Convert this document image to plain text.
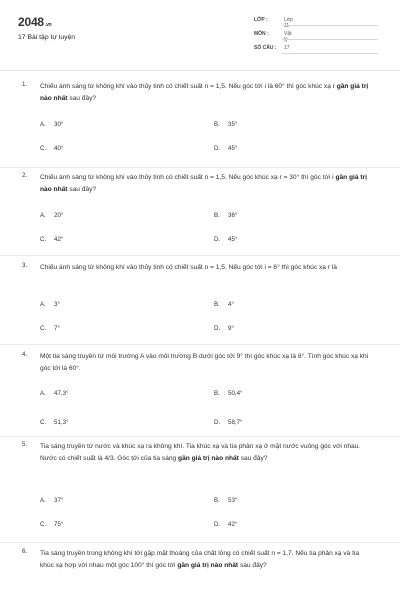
2048.vn
17 Bài tập tự luyện
LỚP :	Lớp 11
MÔN :	Vật lý
SỐ CÂU :	17
1. Chiếu ánh sáng từ không khí vào thủy tinh có chiết suất n = 1,5. Nếu góc tới i là 60° thì góc khúc xạ r gần giá trị nào nhất sau đây?
A. 30°	B. 35°
C. 40°	D. 45°
2. Chiếu ánh sáng từ không khí vào thủy tinh có chiết suất n = 1,5. Nếu góc khúc xạ r = 30° thì góc tới i gần giá trị nào nhất sau đây?
A. 20°	B. 36°
C. 42°	D. 45°
3. Chiếu ánh sáng từ không khí vào thủy tinh có chiết suất n = 1,5. Nếu góc tới i = 6° thì góc khúc xạ r là
A. 3°	B. 4°
C. 7°	D. 9°
4. Một tia sáng truyền từ môi trường A vào môi trường B dưới góc tới 9° thì góc khúc xạ là 8°. Tính góc khúc xạ khi góc tới là 60°.
A. 47,3°	B. 50,4°
C. 51,3°	D. 58,7°
5. Tia sáng truyền từ nước và khúc xạ ra không khí. Tia khúc xạ và tia phản xạ ở mặt nước vuông góc với nhau. Nước có chiết suất là 4/3. Góc tới của tia sáng gần giá trị nào nhất sau đây?
A. 37°	B. 53°
C. 75°	D. 42°
6. Tia sáng truyền trong không khí tới gặp mặt thoáng của chất lỏng có chiết suất n = 1,7. Nếu tia phản xạ và tia khúc xạ hợp với nhau một góc 100° thì góc tới gần giá trị nào nhất sau đây?
